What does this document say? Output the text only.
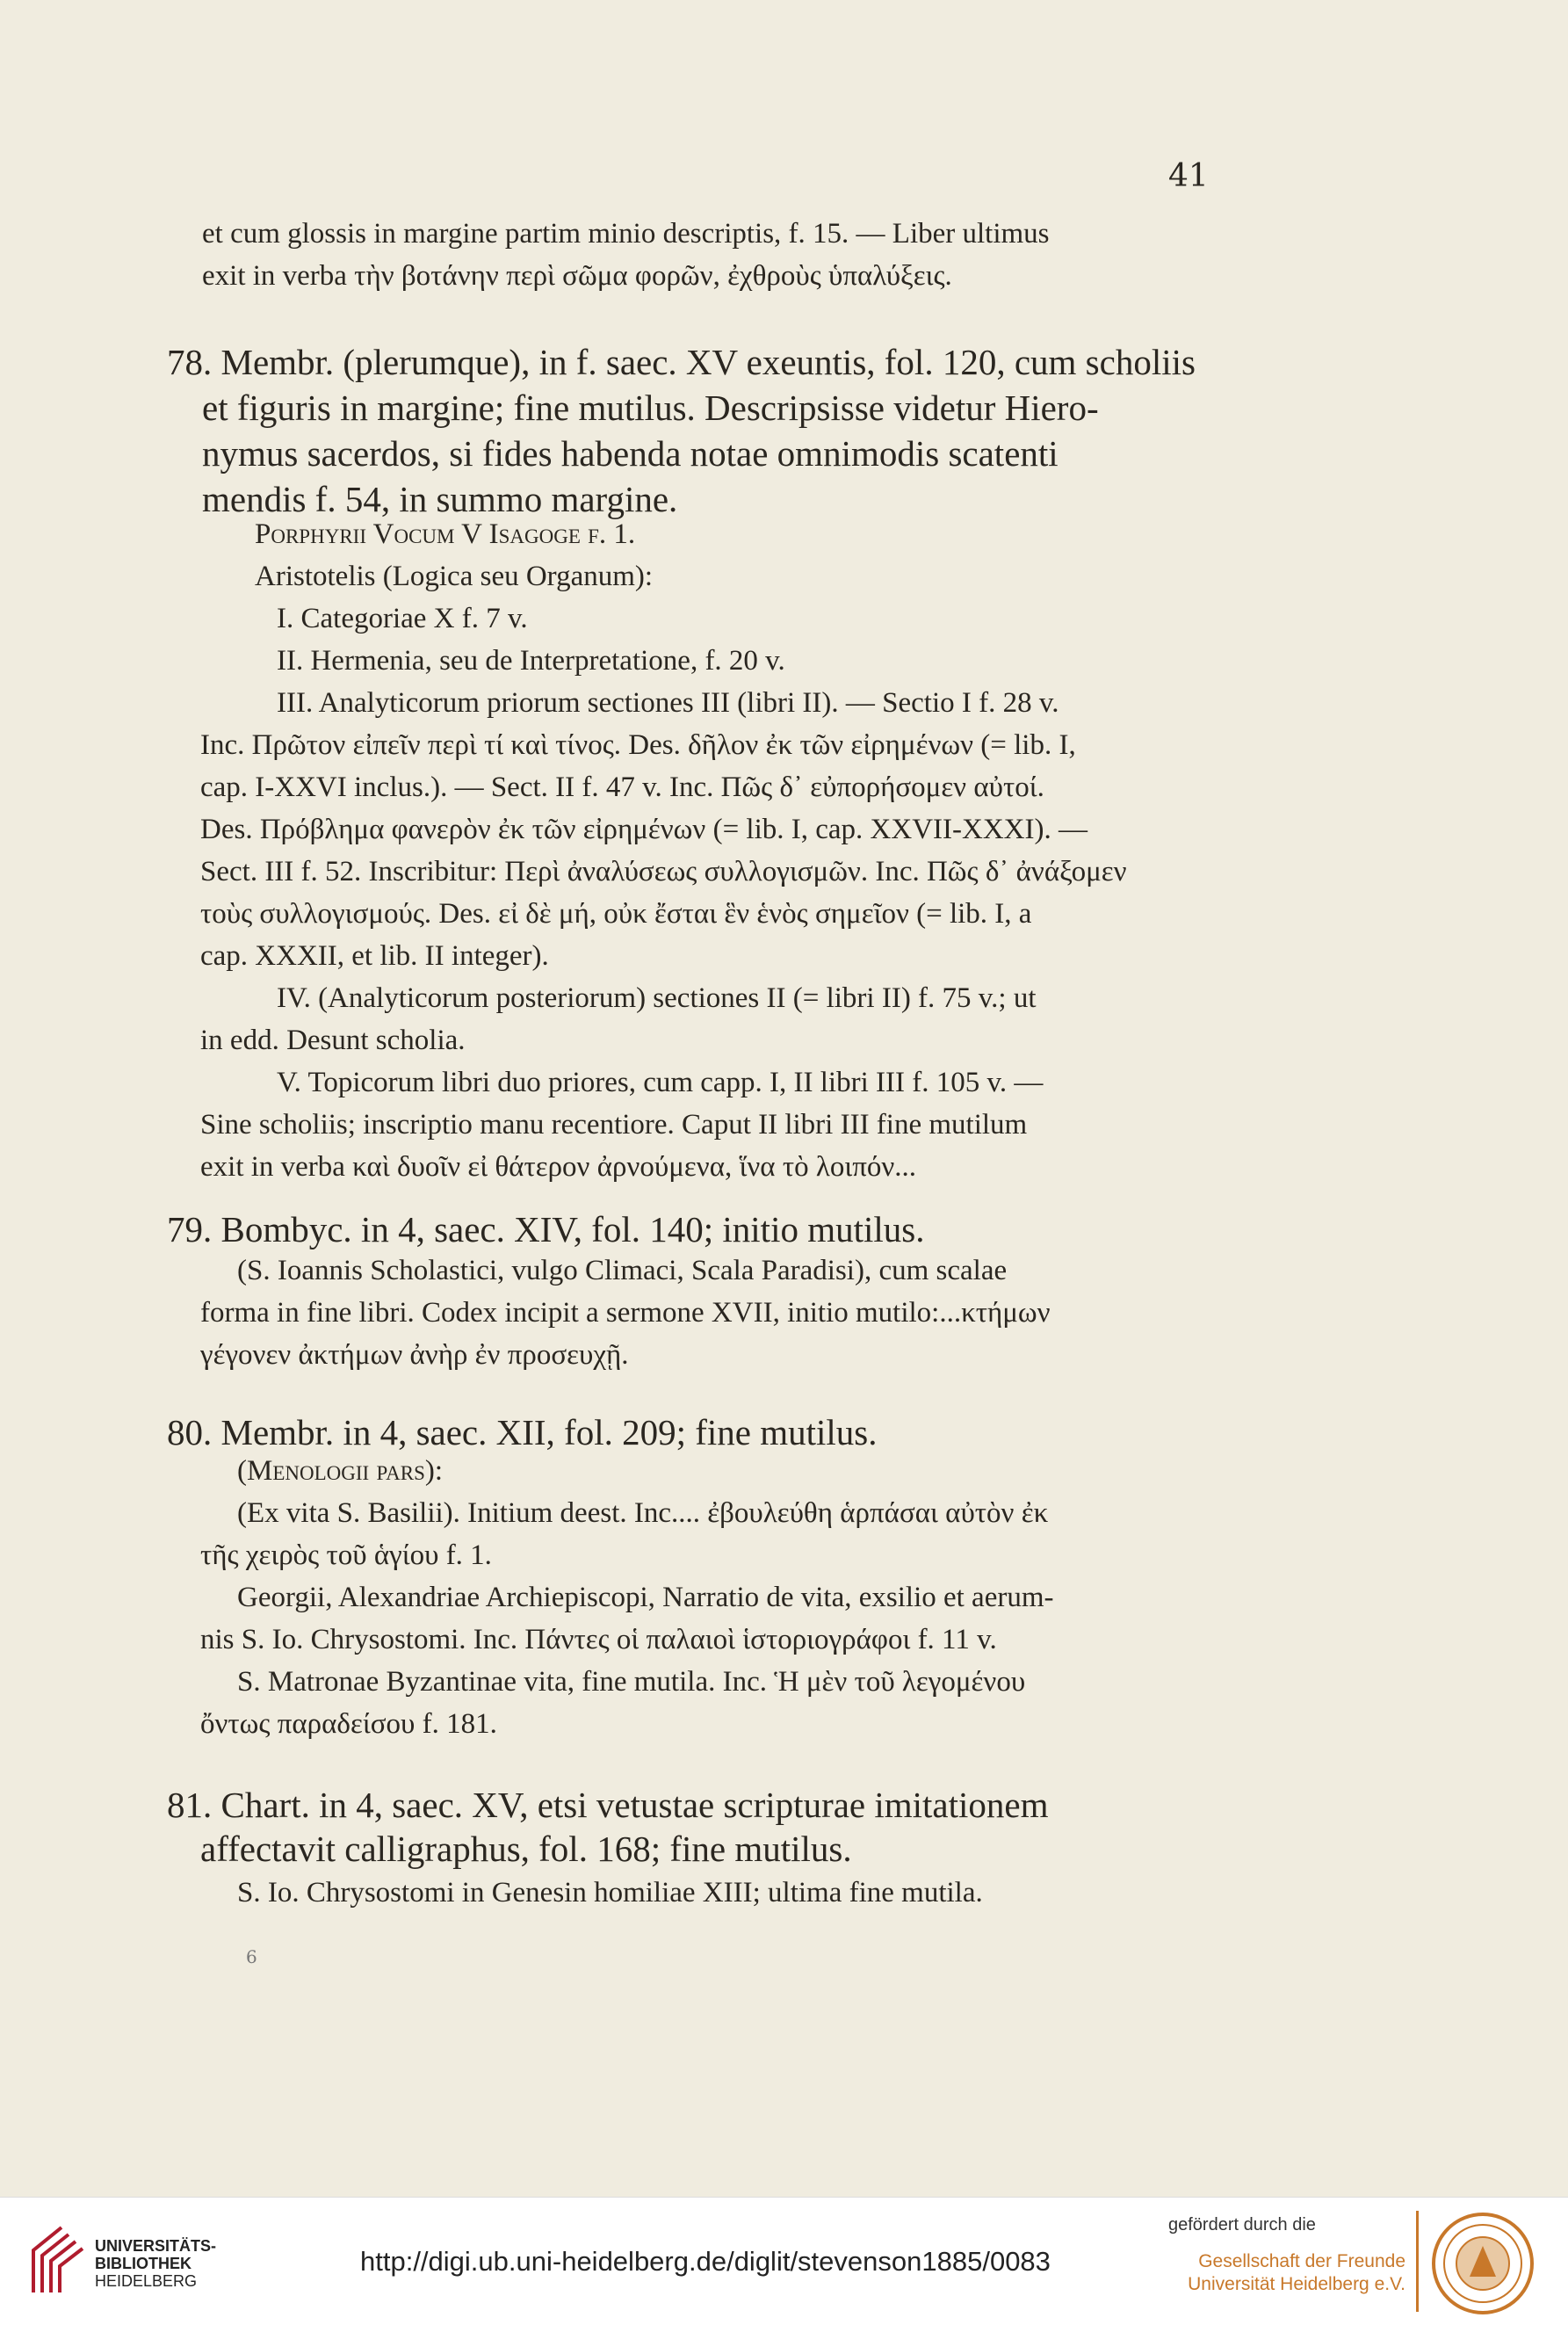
41
et cum glossis in margine partim minio descriptis, f. 15. — Liber ultimus
exit in verba τὴν βοτάνην περὶ σῶμα φορῶν, ἐχθροὺς ὑπαλύξεις.
78. Membr. (plerumque), in f. saec. XV exeuntis, fol. 120, cum scholiis
et figuris in margine; fine mutilus. Descripsisse videtur Hiero-
nymus sacerdos, si fides habenda notae omnimodis scatenti
mendis f. 54, in summo margine.
Porphyrii Vocum V Isagoge f. 1.
Aristotelis (Logica seu Organum):
I. Categoriae X f. 7 v.
II. Hermenia, seu de Interpretatione, f. 20 v.
III. Analyticorum priorum sectiones III (libri II). — Sectio I f. 28 v.
Inc. Πρῶτον εἰπεῖν περὶ τί καὶ τίνος. Des. δῆλον ἐκ τῶν εἰρημένων (= lib. I,
cap. I-XXVI inclus.). — Sect. II f. 47 v. Inc. Πῶς δ᾽ εὐπορήσομεν αὐτοί.
Des. Πρόβλημα φανερὸν ἐκ τῶν εἰρημένων (= lib. I, cap. XXVII-XXXI). —
Sect. III f. 52. Inscribitur: Περὶ ἀναλύσεως συλλογισμῶν. Inc. Πῶς δ᾽ ἀνάξομεν
τοὺς συλλογισμούς. Des. εἰ δὲ μή, οὐκ ἔσται ἓν ἑνὸς σημεῖον (= lib. I, a
cap. XXXII, et lib. II integer).
IV. (Analyticorum posteriorum) sectiones II (= libri II) f. 75 v.; ut
in edd. Desunt scholia.
V. Topicorum libri duo priores, cum capp. I, II libri III f. 105 v. —
Sine scholiis; inscriptio manu recentiore. Caput II libri III fine mutilum
exit in verba καὶ δυοῖν εἰ θάτερον ἀρνούμενα, ἵνα τὸ λοιπόν...
79. Bombyc. in 4, saec. XIV, fol. 140; initio mutilus.
(S. Ioannis Scholastici, vulgo Climaci, Scala Paradisi), cum scalae
forma in fine libri. Codex incipit a sermone XVII, initio mutilo:...κτήμων
γέγονεν ἀκτήμων ἀνὴρ ἐν προσευχῇ.
80. Membr. in 4, saec. XII, fol. 209; fine mutilus.
(Menologii pars):
(Ex vita S. Basilii). Initium deest. Inc.... ἐβουλεύθη ἁρπάσαι αὐτὸν ἐκ
τῆς χειρὸς τοῦ ἁγίου f. 1.
Georgii, Alexandriae Archiepiscopi, Narratio de vita, exsilio et aerum-
nis S. Io. Chrysostomi. Inc. Πάντες οἱ παλαιοὶ ἱστοριογράφοι f. 11 v.
S. Matronae Byzantinae vita, fine mutila. Inc. Ἡ μὲν τοῦ λεγομένου
ὄντως παραδείσου f. 181.
81. Chart. in 4, saec. XV, etsi vetustae scripturae imitationem
affectavit calligraphus, fol. 168; fine mutilus.
S. Io. Chrysostomi in Genesin homiliae XIII; ultima fine mutila.
6
UNIVERSITÄTS-
BIBLIOTHEK
HEIDELBERG
http://digi.ub.uni-heidelberg.de/diglit/stevenson1885/0083
gefördert durch die
Gesellschaft der Freunde
Universität Heidelberg e.V.
